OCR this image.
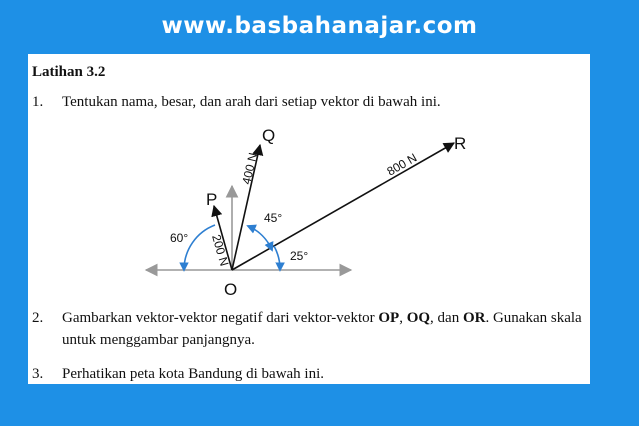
www.basbahanajar.com
Latihan 3.2
1. Tentukan nama, besar, dan arah dari setiap vektor di bawah ini.
O
P
Q	R
200 N
400 N	800 N
60°
45°
25°
2. Gambarkan vektor-vektor negatif dari vektor-vektor OP, OQ, dan OR. Gunakan skala untuk menggambar panjangnya.
3. Perhatikan peta kota Bandung di bawah ini.
